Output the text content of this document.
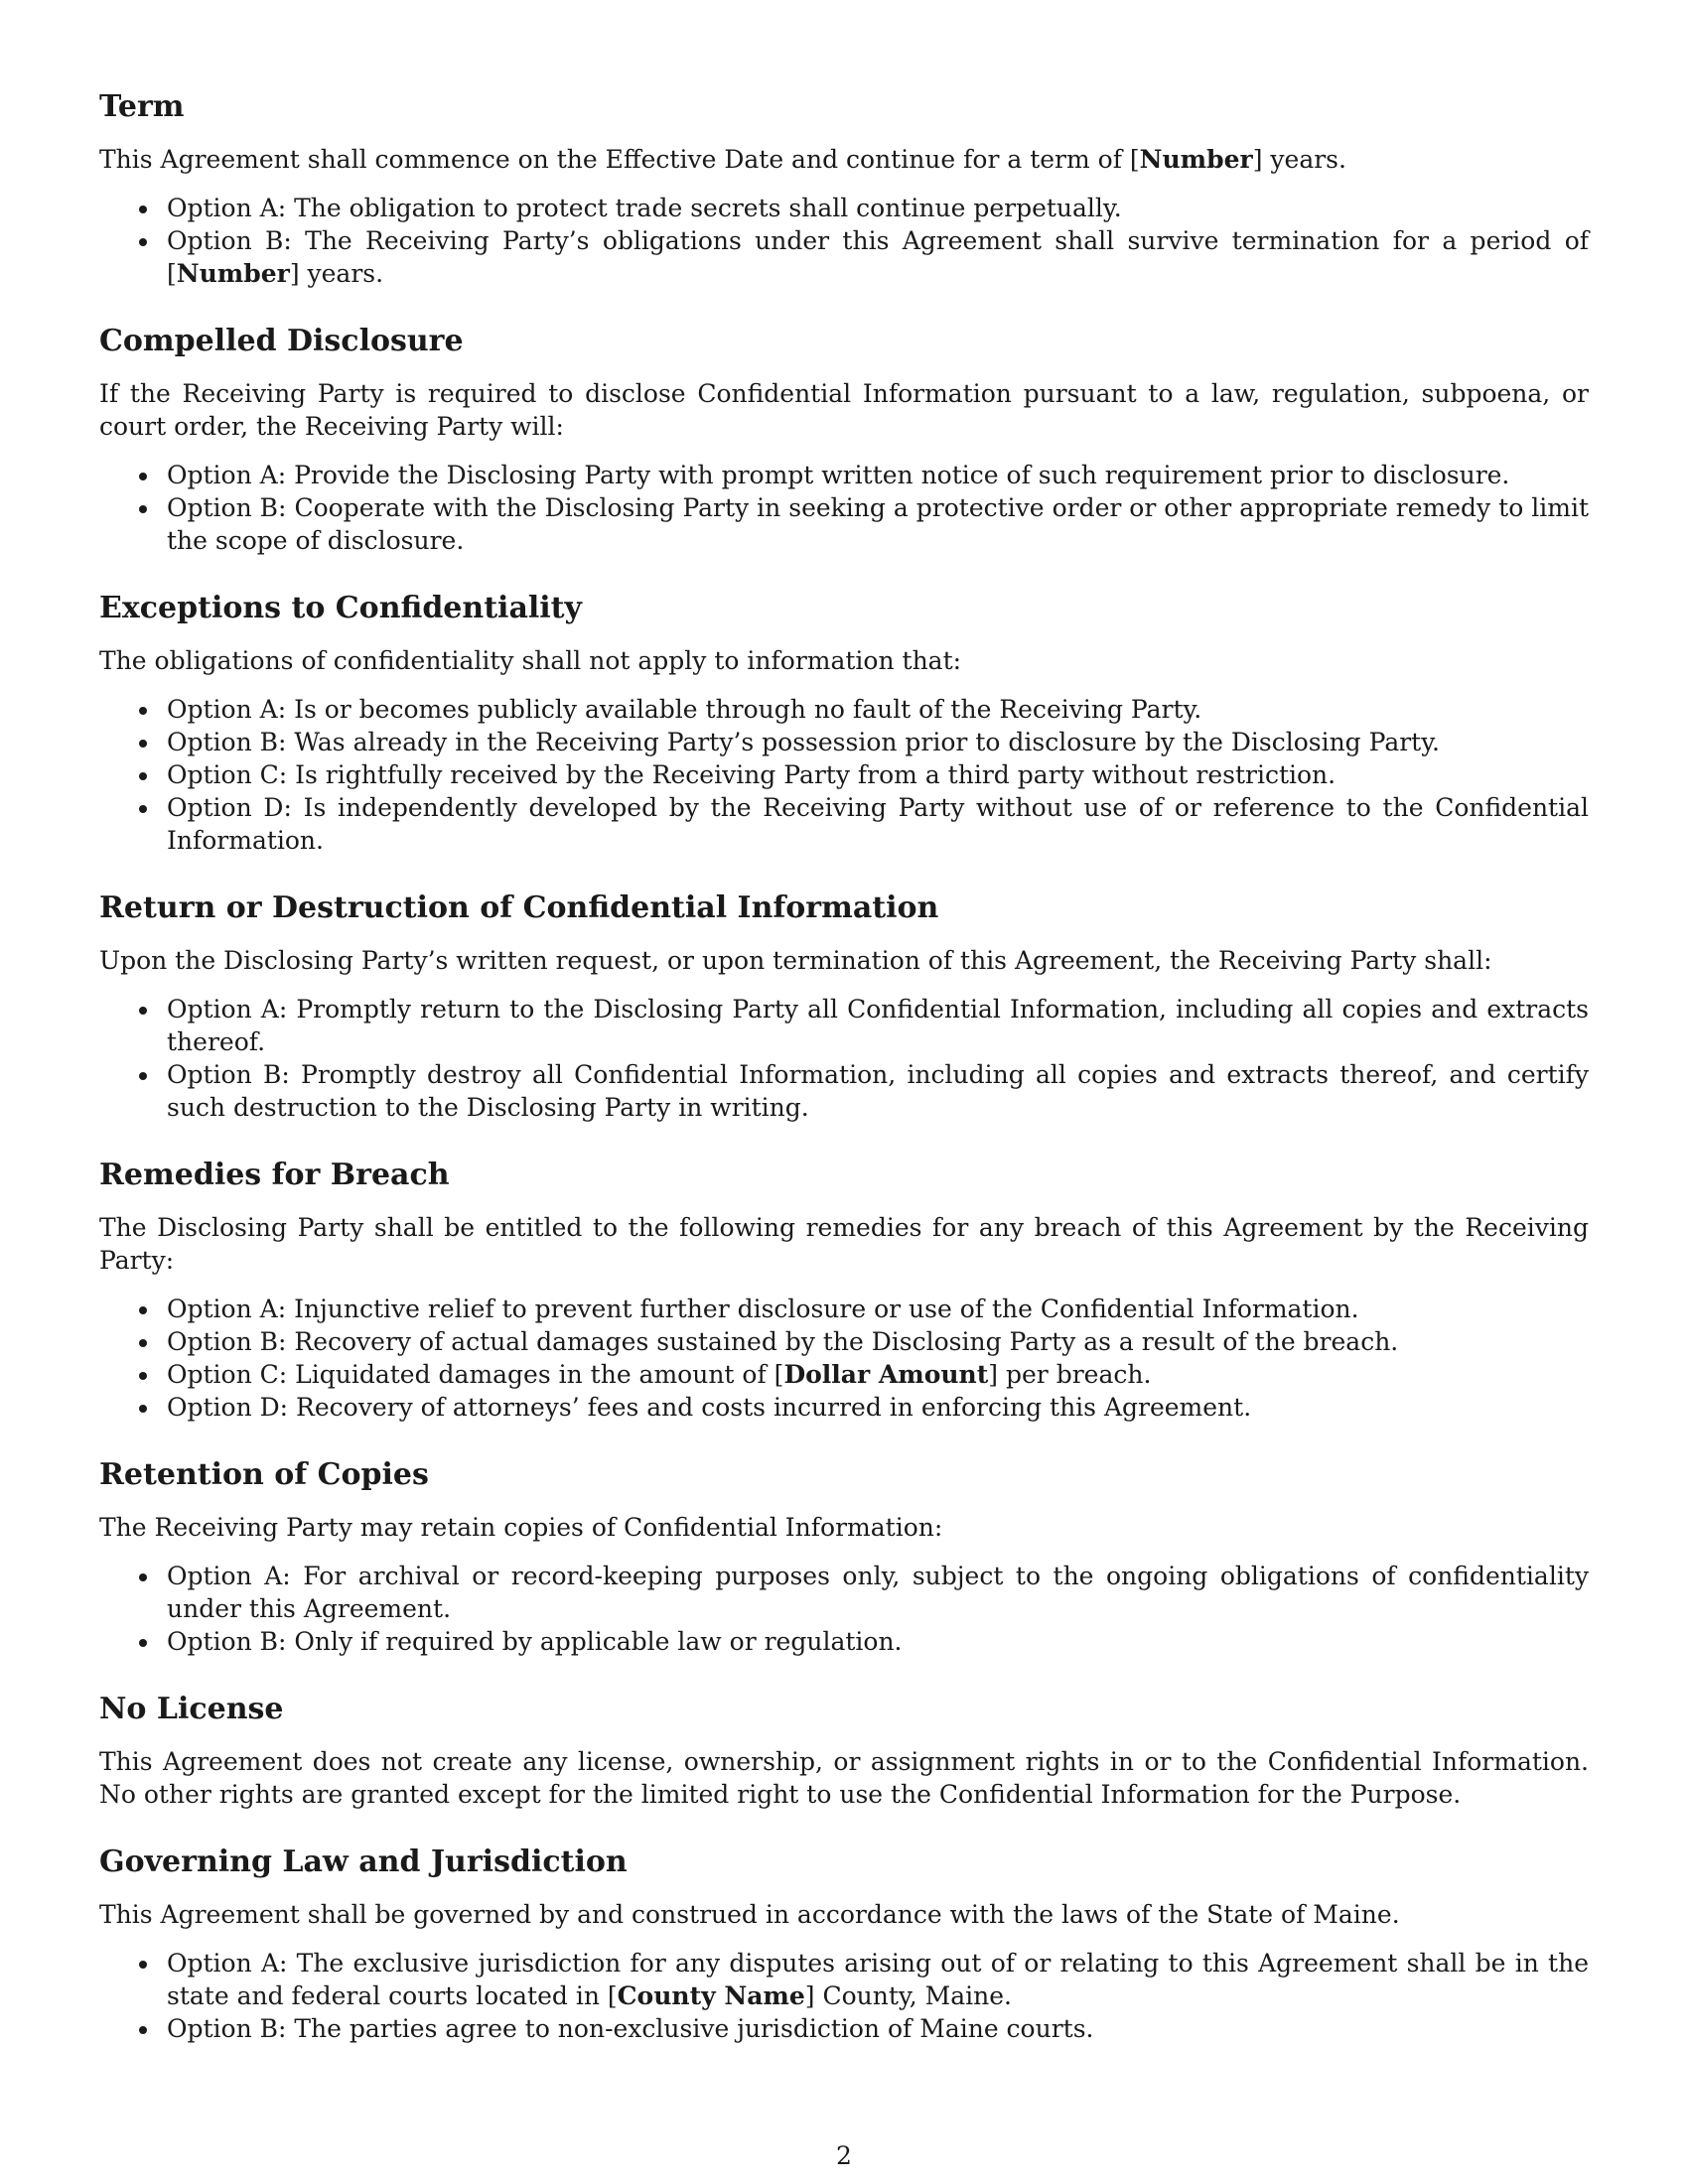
Term

This Agreement shall commence on the Effective Date and continue for a term of [Number] years.

Option A: The obligation to protect trade secrets shall continue perpetually.
Option B: The Receiving Party’s obligations under this Agreement shall survive termination for a period of [Number] years.
Compelled Disclosure

If the Receiving Party is required to disclose Confidential Information pursuant to a law, regulation, subpoena, or court order, the Receiving Party will:

Option A: Provide the Disclosing Party with prompt written notice of such requirement prior to disclosure.
Option B: Cooperate with the Disclosing Party in seeking a protective order or other appropriate remedy to limit the scope of disclosure.
Exceptions to Confidentiality

The obligations of confidentiality shall not apply to information that:

Option A: Is or becomes publicly available through no fault of the Receiving Party.
Option B: Was already in the Receiving Party’s possession prior to disclosure by the Disclosing Party.
Option C: Is rightfully received by the Receiving Party from a third party without restriction.
Option D: Is independently developed by the Receiving Party without use of or reference to the Confidential Information.
Return or Destruction of Confidential Information

Upon the Disclosing Party’s written request, or upon termination of this Agreement, the Receiving Party shall:

Option A: Promptly return to the Disclosing Party all Confidential Information, including all copies and extracts thereof.
Option B: Promptly destroy all Confidential Information, including all copies and extracts thereof, and certify such destruction to the Disclosing Party in writing.
Remedies for Breach

The Disclosing Party shall be entitled to the following remedies for any breach of this Agreement by the Receiving Party:

Option A: Injunctive relief to prevent further disclosure or use of the Confidential Information.
Option B: Recovery of actual damages sustained by the Disclosing Party as a result of the breach.
Option C: Liquidated damages in the amount of [Dollar Amount] per breach.
Option D: Recovery of attorneys’ fees and costs incurred in enforcing this Agreement.
Retention of Copies

The Receiving Party may retain copies of Confidential Information:

Option A: For archival or record-keeping purposes only, subject to the ongoing obligations of confidentiality under this Agreement.
Option B: Only if required by applicable law or regulation.
No License

This Agreement does not create any license, ownership, or assignment rights in or to the Confidential Information. No other rights are granted except for the limited right to use the Confidential Information for the Purpose.

Governing Law and Jurisdiction

This Agreement shall be governed by and construed in accordance with the laws of the State of Maine.

Option A: The exclusive jurisdiction for any disputes arising out of or relating to this Agreement shall be in the state and federal courts located in [County Name] County, Maine.
Option B: The parties agree to non-exclusive jurisdiction of Maine courts.
2
